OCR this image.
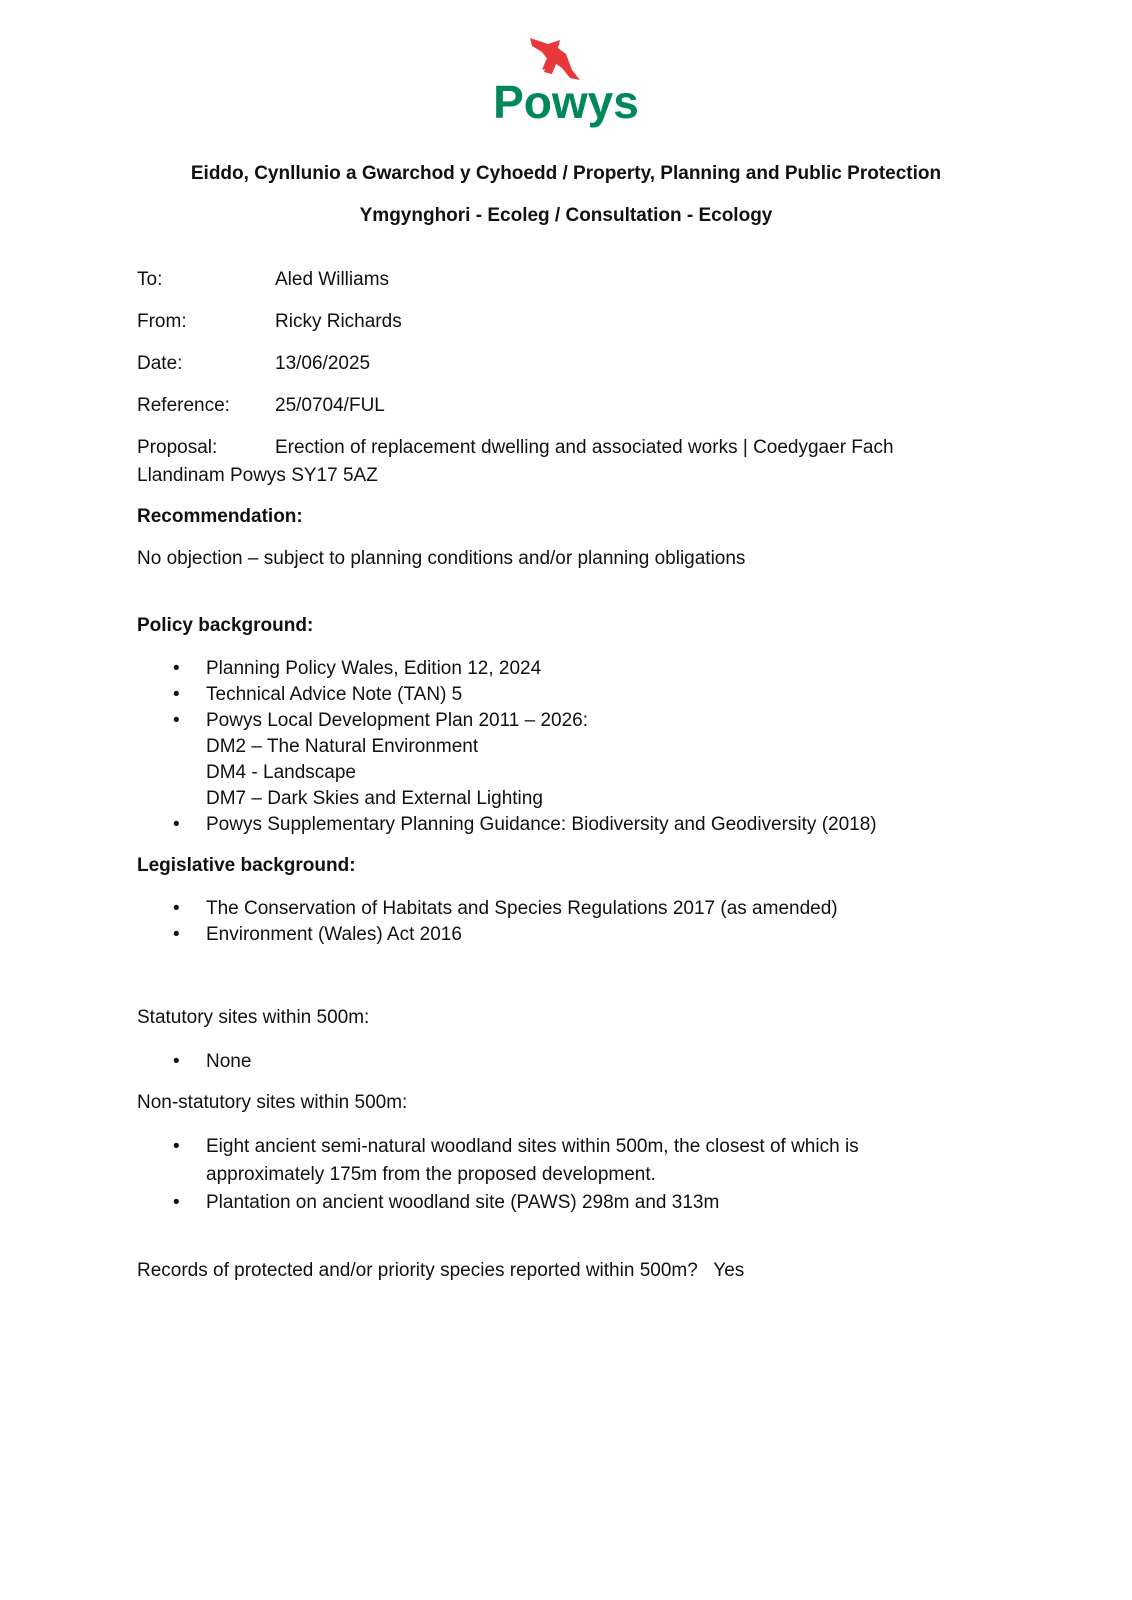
Powys

Eiddo, Cynllunio a Gwarchod y Cyhoedd / Property, Planning and Public Protection

Ymgynghori - Ecoleg / Consultation - Ecology

To:	Aled Williams
From:	Ricky Richards
Date:	13/06/2025
Reference: 25/0704/FUL
Proposal:	Erection of replacement dwelling and associated works | Coedygaer Fach
Llandinam Powys SY17 5AZ

Recommendation:

No objection – subject to planning conditions and/or planning obligations

Policy background:

• Planning Policy Wales, Edition 12, 2024
• Technical Advice Note (TAN) 5
• Powys Local Development Plan 2011 – 2026:
DM2 – The Natural Environment
DM4 - Landscape
DM7 – Dark Skies and External Lighting
• Powys Supplementary Planning Guidance: Biodiversity and Geodiversity (2018)

Legislative background:

• The Conservation of Habitats and Species Regulations 2017 (as amended)
• Environment (Wales) Act 2016

Statutory sites within 500m:

• None

Non-statutory sites within 500m:

• Eight ancient semi-natural woodland sites within 500m, the closest of which is
approximately 175m from the proposed development.
• Plantation on ancient woodland site (PAWS) 298m and 313m

Records of protected and/or priority species reported within 500m? Yes
